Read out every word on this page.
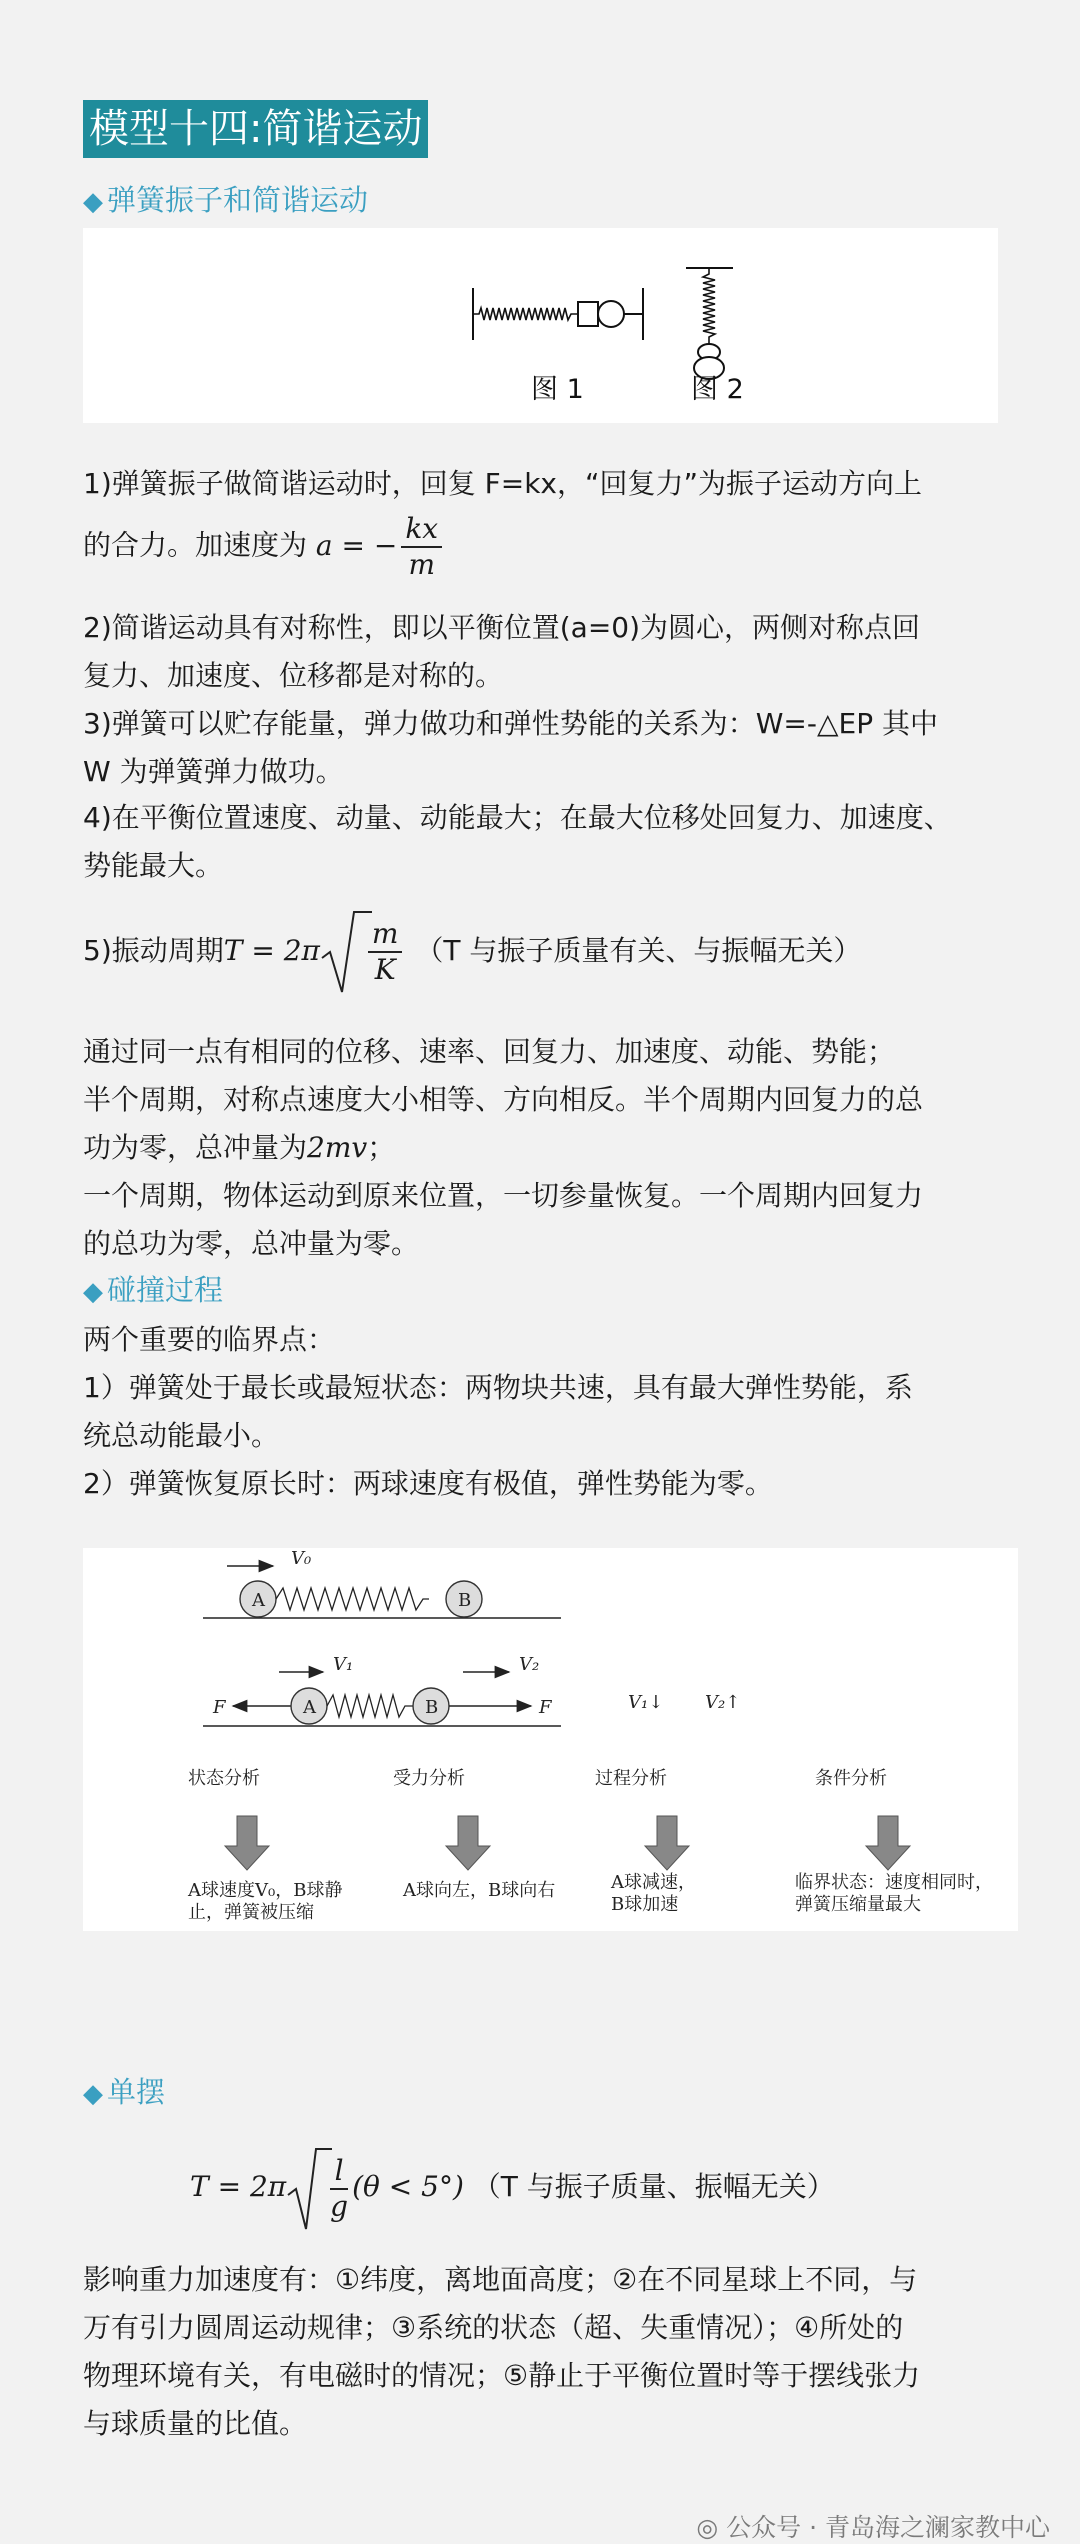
模型十四:简谐运动
◆ 弹簧振子和简谐运动
图 1	图 2
1)弹簧振子做简谐运动时，回复 F=kx，“回复力”为振子运动方向上
的合力。加速度为 a = − $\frac{kx}{m}$
2)简谐运动具有对称性，即以平衡位置(a=0)为圆心，两侧对称点回
复力、加速度、位移都是对称的。
3)弹簧可以贮存能量，弹力做功和弹性势能的关系为：W=-△EP 其中
W 为弹簧弹力做功。
4)在平衡位置速度、动量、动能最大；在最大位移处回复力、加速度、
势能最大。
5)振动周期$T = 2\pi \frac{m}{K} (T$ 与振子质量有关、与振幅无关）
通过同一点有相同的位移、速率、回复力、加速度、动能、势能；
半个周期，对称点速度大小相等、方向相反。半个周期内回复力的总
功为零，总冲量为2mv；
一个周期，物体运动到原来位置，一切参量恢复。一个周期内回复力
的总功为零，总冲量为零。
◆ 碰撞过程
两个重要的临界点：
1）弹簧处于最长或最短状态：两物块共速，具有最大弹性势能，系
统总动能最小。
2）弹簧恢复原长时：两球速度有极值，弹性势能为零。
V₀
A	B
V₁	V₂
F	A	B	F	V₁↓ V₂↑
状态分析
A球速度V₀，B球静
止，弹簧被压缩
受力分析
A球向左，B球向右
过程分析
A球减速，
B球加速
条件分析
临界状态：速度相同时，
弹簧压缩量最大
◆ 单摆
$T = 2\pi \frac{l}{g} (\theta < 5^\circ)$ （T 与振子质量、振幅无关）
影响重力加速度有：①纬度，离地面高度；②在不同星球上不同，与
万有引力圆周运动规律；③系统的状态（超、失重情况）；④所处的
物理环境有关，有电磁时的情况；⑤静止于平衡位置时等于摆线张力
与球质量的比值。
◎ 公众号 · 青岛海之澜家教中心
